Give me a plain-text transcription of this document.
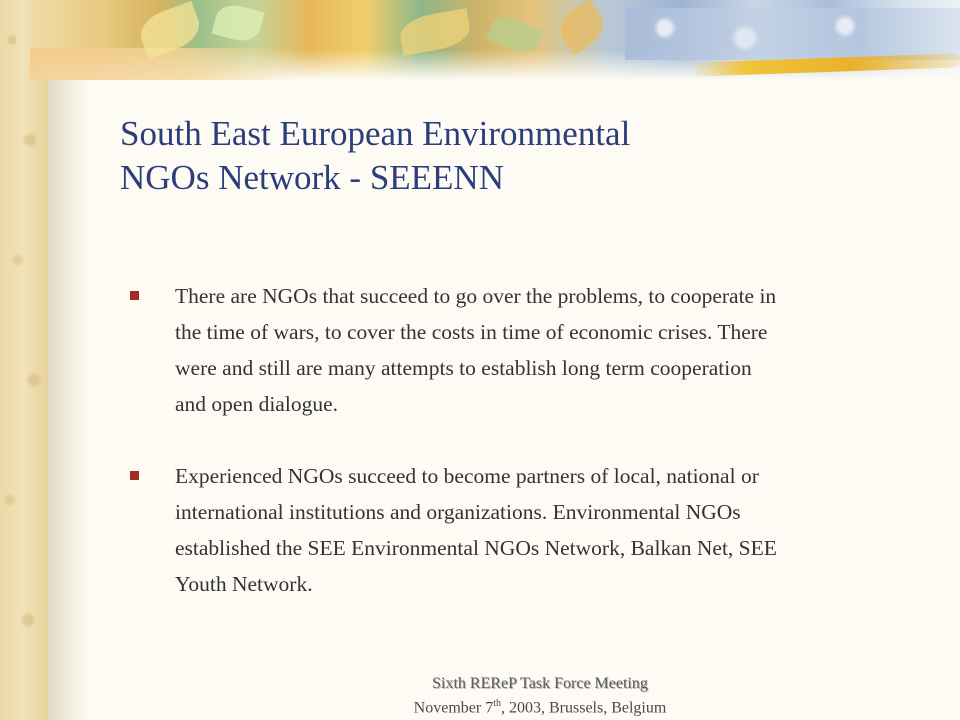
South East European Environmental
NGOs Network - SEEENN
There are NGOs that succeed to go over the problems, to cooperate in
the time of wars, to cover the costs in time of economic crises. There
were and still are many attempts to establish long term cooperation
and open dialogue.
Experienced NGOs succeed to become partners of local, national or
international institutions and organizations. Environmental NGOs
established the SEE Environmental NGOs Network, Balkan Net, SEE
Youth Network.
Sixth REReP Task Force Meeting
November 7th, 2003, Brussels, Belgium
